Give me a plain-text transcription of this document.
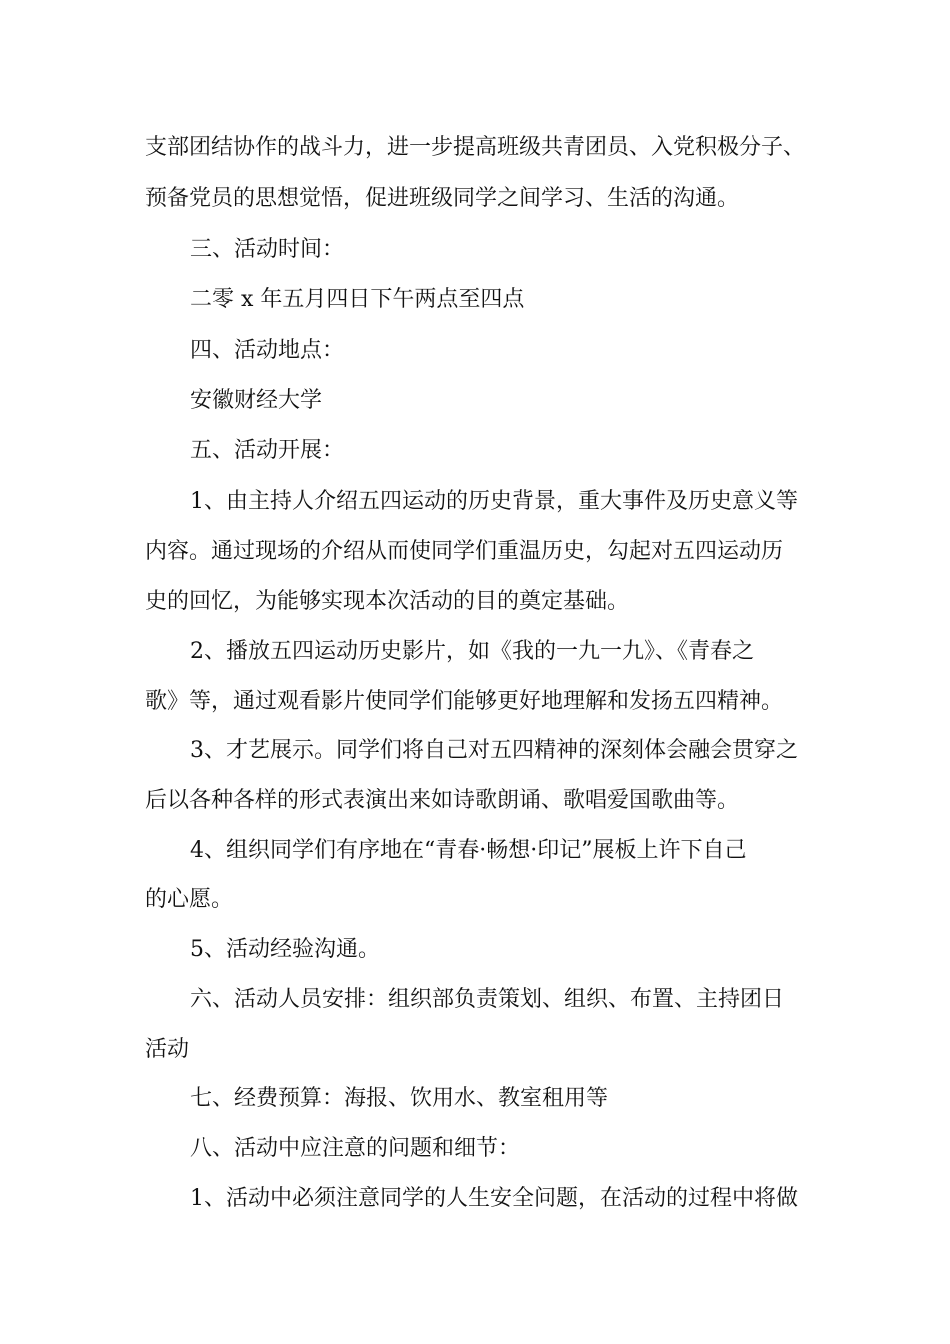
支部团结协作的战斗力，进一步提高班级共青团员、入党积极分子、
预备党员的思想觉悟，促进班级同学之间学习、生活的沟通。
三、活动时间：
二零 x 年五月四日下午两点至四点
四、活动地点：
安徽财经大学
五、活动开展：
1、由主持人介绍五四运动的历史背景，重大事件及历史意义等
内容。通过现场的介绍从而使同学们重温历史，勾起对五四运动历
史的回忆，为能够实现本次活动的目的奠定基础。
2、播放五四运动历史影片，如《我的一九一九》、《青春之
歌》等，通过观看影片使同学们能够更好地理解和发扬五四精神。
3、才艺展示。同学们将自己对五四精神的深刻体会融会贯穿之
后以各种各样的形式表演出来如诗歌朗诵、歌唱爱国歌曲等。
4、组织同学们有序地在“青春·畅想·印记”展板上许下自己
的心愿。
5、活动经验沟通。
六、活动人员安排：组织部负责策划、组织、布置、主持团日
活动
七、经费预算：海报、饮用水、教室租用等
八、活动中应注意的问题和细节：
1、活动中必须注意同学的人生安全问题，在活动的过程中将做
